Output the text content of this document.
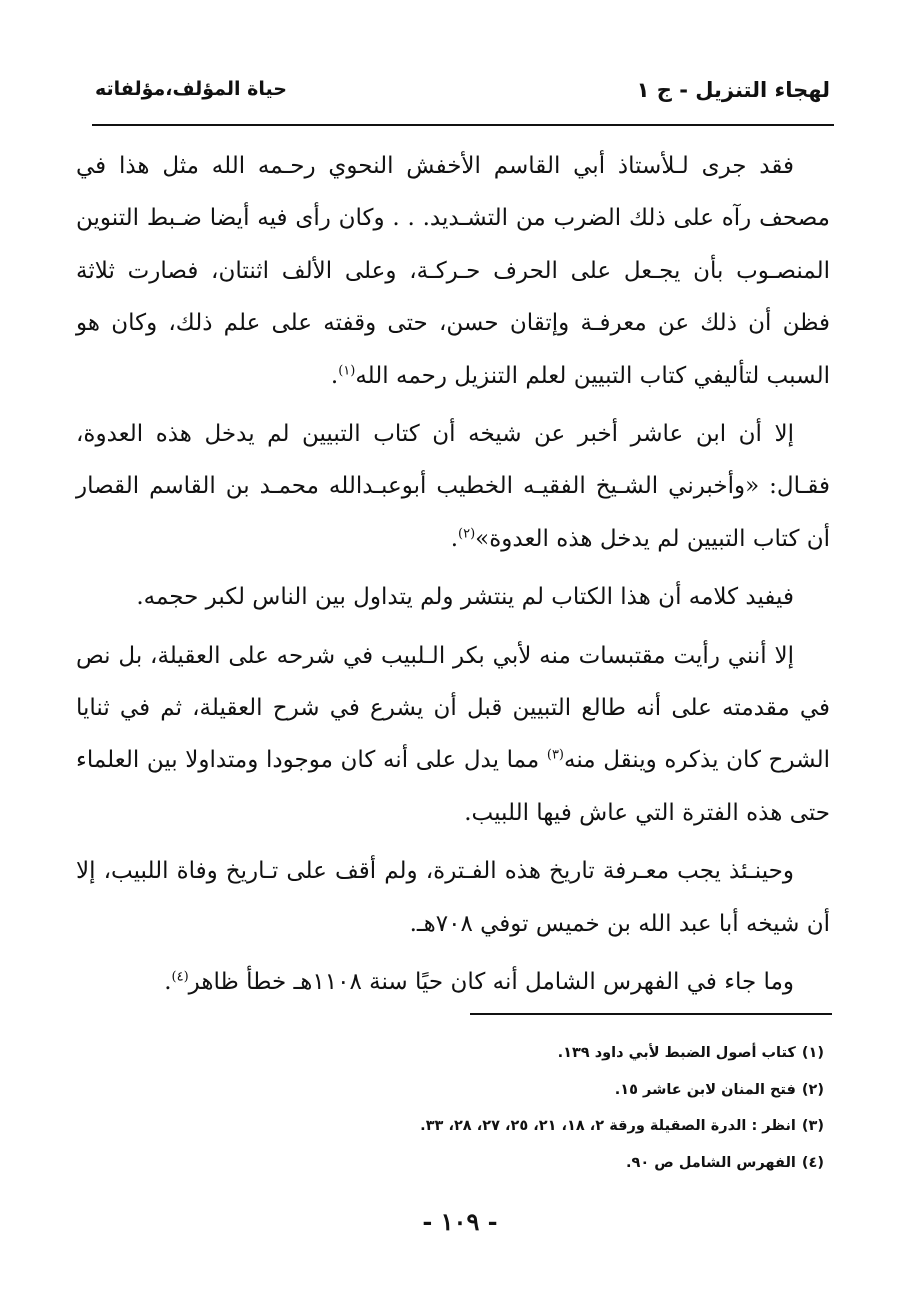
لهجاء التنزيل - ج ١
حياة المؤلف،مؤلفاته

فقد جرى لـلأستاذ أبي القاسم الأخفش النحوي رحـمه الله مثل هذا في مصحف رآه على ذلك الضرب من التشـديد. . . وكان رأى فيه أيضا ضـبط التنوين المنصـوب بأن يجـعل على الحرف حـركـة، وعلى الألف اثنتان، فصارت ثلاثة فظن أن ذلك عن معرفـة وإتقان حسن، حتى وقفته على علم ذلك، وكان هو السبب لتأليفي كتاب التبيين لعلم التنزيل رحمه الله$^{(١)}$.

إلا أن ابن عاشر أخبر عن شيخه أن كتاب التبيين لم يدخل هذه العدوة، فقـال: «وأخبرني الشـيخ الفقيـه الخطيب أبوعبـدالله محمـد بن القاسم القصار أن كتاب التبيين لم يدخل هذه العدوة»$^{(٢)}$.

فيفيد كلامه أن هذا الكتاب لم ينتشر ولم يتداول بين الناس لكبر حجمه.

إلا أنني رأيت مقتبسات منه لأبي بكر الـلبيب في شرحه على العقيلة، بل نص في مقدمته على أنه طالع التبيين قبل أن يشرع في شرح العقيلة، ثم في ثنايا الشرح كان يذكره وينقل منه$^{(٣)}$ مما يدل على أنه كان موجودا ومتداولا بين العلماء حتى هذه الفترة التي عاش فيها اللبيب.

وحينـئذ يجب معـرفة تاريخ هذه الفـترة، ولم أقف على تـاريخ وفاة اللبيب، إلا أن شيخه أبا عبد الله بن خميس توفي ٧٠٨هـ.

وما جاء في الفهرس الشامل أنه كان حيًا سنة ١١٠٨هـ خطأ ظاهر$^{(٤)}$.

(١)كتاب أصول الضبط لأبي داود ١٣٩.
(٢)فتح المنان لابن عاشر ١٥.
(٣)انظر : الدرة الصقيلة ورقة ٢، ١٨، ٢١، ٢٥، ٢٧، ٢٨، ٣٣.
(٤)الفهرس الشامل ص ٩٠.
- ١٠٩ -
